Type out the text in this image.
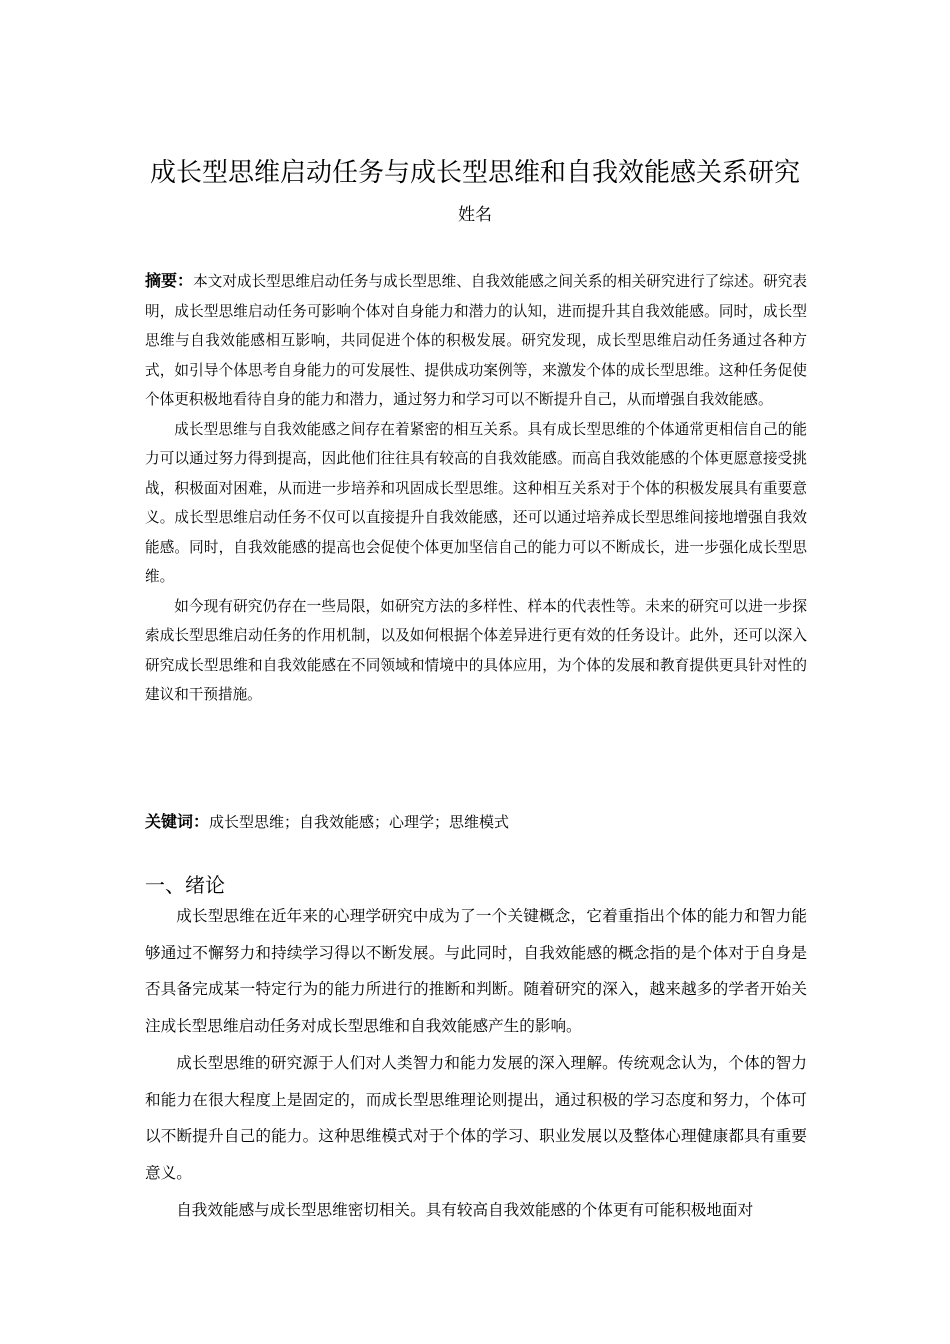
成长型思维启动任务与成长型思维和自我效能感关系研究
姓名

摘要：本文对成长型思维启动任务与成长型思维、自我效能感之间关系的相关研究进行了综述。研究表明，成长型思维启动任务可影响个体对自身能力和潜力的认知，进而提升其自我效能感。同时，成长型思维与自我效能感相互影响，共同促进个体的积极发展。研究发现，成长型思维启动任务通过各种方式，如引导个体思考自身能力的可发展性、提供成功案例等，来激发个体的成长型思维。这种任务促使个体更积极地看待自身的能力和潜力，通过努力和学习可以不断提升自己，从而增强自我效能感。

成长型思维与自我效能感之间存在着紧密的相互关系。具有成长型思维的个体通常更相信自己的能力可以通过努力得到提高，因此他们往往具有较高的自我效能感。而高自我效能感的个体更愿意接受挑战，积极面对困难，从而进一步培养和巩固成长型思维。这种相互关系对于个体的积极发展具有重要意义。成长型思维启动任务不仅可以直接提升自我效能感，还可以通过培养成长型思维间接地增强自我效能感。同时，自我效能感的提高也会促使个体更加坚信自己的能力可以不断成长，进一步强化成长型思维。

如今现有研究仍存在一些局限，如研究方法的多样性、样本的代表性等。未来的研究可以进一步探索成长型思维启动任务的作用机制，以及如何根据个体差异进行更有效的任务设计。此外，还可以深入研究成长型思维和自我效能感在不同领域和情境中的具体应用，为个体的发展和教育提供更具针对性的建议和干预措施。

关键词：成长型思维；自我效能感；心理学；思维模式
一、绪论

成长型思维在近年来的心理学研究中成为了一个关键概念，它着重指出个体的能力和智力能够通过不懈努力和持续学习得以不断发展。与此同时，自我效能感的概念指的是个体对于自身是否具备完成某一特定行为的能力所进行的推断和判断。随着研究的深入，越来越多的学者开始关注成长型思维启动任务对成长型思维和自我效能感产生的影响。

成长型思维的研究源于人们对人类智力和能力发展的深入理解。传统观念认为，个体的智力和能力在很大程度上是固定的，而成长型思维理论则提出，通过积极的学习态度和努力，个体可以不断提升自己的能力。这种思维模式对于个体的学习、职业发展以及整体心理健康都具有重要意义。

自我效能感与成长型思维密切相关。具有较高自我效能感的个体更有可能积极地面对
